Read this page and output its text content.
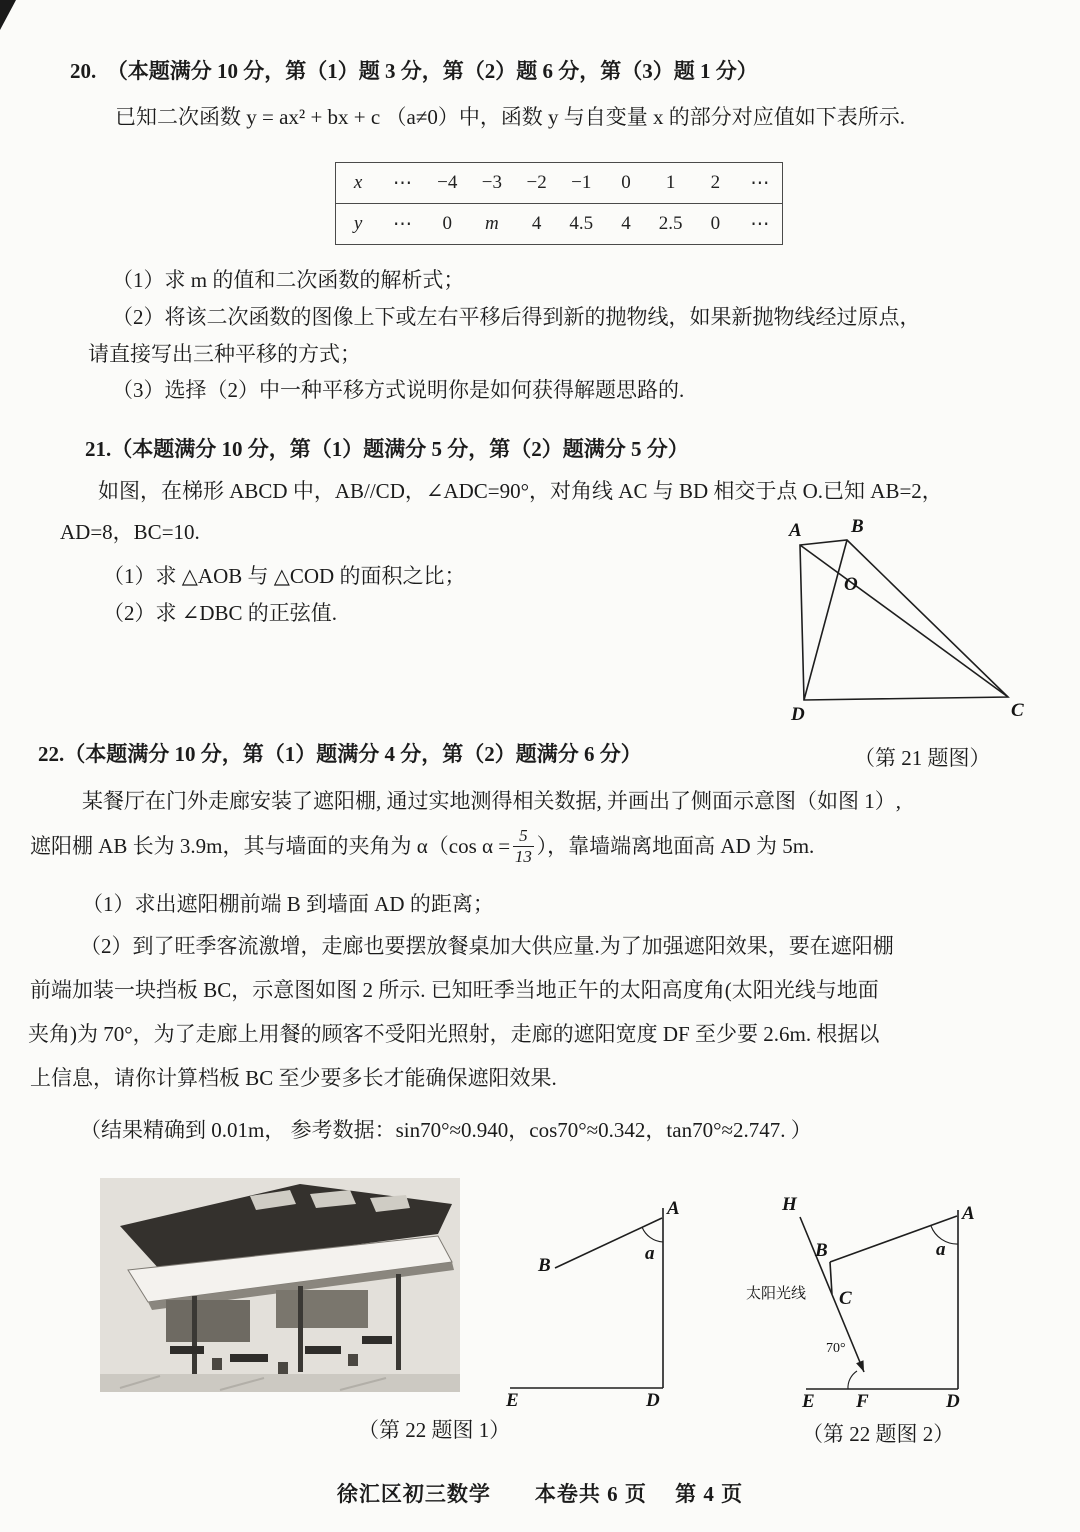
20.  （本题满分 10 分，第（1）题 3 分，第（2）题 6 分，第（3）题 1 分）
已知二次函数 y = ax² + bx + c （a≠0）中，函数 y 与自变量 x 的部分对应值如下表所示.
x	⋯	−4	−3	−2	−1	0	1	2	⋯
y	⋯	0	m	4	4.5	4	2.5	0	⋯
（1）求 m 的值和二次函数的解析式；
（2）将该二次函数的图像上下或左右平移后得到新的抛物线，如果新抛物线经过原点，
请直接写出三种平移的方式；
（3）选择（2）中一种平移方式说明你是如何获得解题思路的.
21.（本题满分 10 分，第（1）题满分 5 分，第（2）题满分 5 分）
如图，在梯形 ABCD 中，AB//CD，∠ADC=90°，对角线 AC 与 BD 相交于点 O.已知 AB=2，
AD=8，BC=10.
（1）求 △AOB 与 △COD 的面积之比；
（2）求 ∠DBC 的正弦值.
A	B
O
D	C
（第 21 题图）
22.（本题满分 10 分，第（1）题满分 4 分，第（2）题满分 6 分）
某餐厅在门外走廊安装了遮阳棚, 通过实地测得相关数据, 并画出了侧面示意图（如图 1）,
遮阳棚 AB 长为 3.9m，其与墙面的夹角为 α（cos $\alpha = \frac{5}{13}$ ），靠墙端离地面高 AD 为 5m.
（1）求出遮阳棚前端 B 到墙面 AD 的距离；
（2）到了旺季客流激增，走廊也要摆放餐桌加大供应量.为了加强遮阳效果，要在遮阳棚
前端加装一块挡板 BC，示意图如图 2 所示. 已知旺季当地正午的太阳高度角(太阳光线与地面
夹角)为 70°，为了走廊上用餐的顾客不受阳光照射，走廊的遮阳宽度 DF 至少要 2.6m. 根据以
上信息，请你计算档板 BC 至少要多长才能确保遮阳效果.
（结果精确到 0.01m， 参考数据：sin70°≈0.940，cos70°≈0.342，tan70°≈2.747. ）
B
A
a
E	D
（第 22 题图 1）
H	A
a
B
C
太阳光线
70°
E F	D
（第 22 题图 2）
徐汇区初三数学　　本卷共 6 页　 第 4 页
